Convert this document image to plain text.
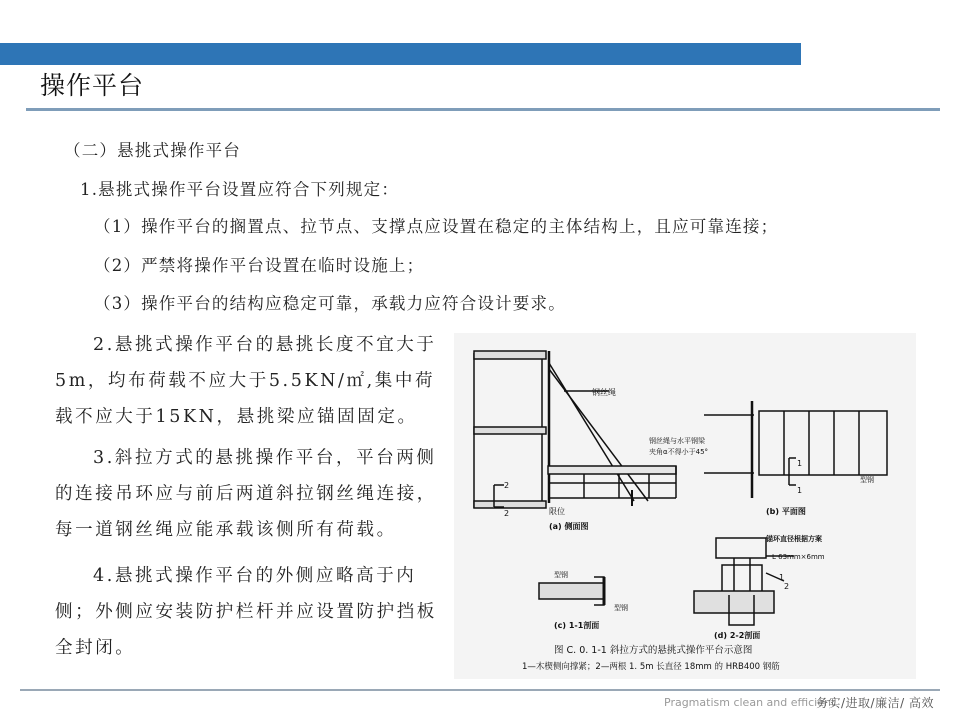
操作平台
（二）悬挑式操作平台
1.悬挑式操作平台设置应符合下列规定：
（1）操作平台的搁置点、拉节点、支撑点应设置在稳定的主体结构上，且应可靠连接；
（2）严禁将操作平台设置在临时设施上；
（3）操作平台的结构应稳定可靠，承载力应符合设计要求。

2.悬挑式操作平台的悬挑长度不宜大于5m，均布荷载不应大于5.5KN/㎡,集中荷载不应大于15KN，悬挑梁应锚固固定。

3.斜拉方式的悬挑操作平台，平台两侧的连接吊环应与前后两道斜拉钢丝绳连接，每一道钢丝绳应能承载该侧所有荷载。

4.悬挑式操作平台的外侧应略高于内侧；外侧应安装防护栏杆并应设置防护挡板全封闭。

钢丝绳
钢丝绳与水平钢梁
夹角α不得小于45°
限位
(a) 侧面图
2
2
1
1
型钢
(b) 平面图
型钢
型钢
(c) 1-1剖面
锚环直径根据方案
L 63mm×6mm
1
2
(d) 2-2剖面
图 C. 0. 1-1 斜拉方式的悬挑式操作平台示意图
1—木楔侧向撑紧；2—两根 1. 5m 长直径 18mm 的 HRB400 钢筋
Pragmatism clean and efficient
务实/进取/廉洁/ 高效
